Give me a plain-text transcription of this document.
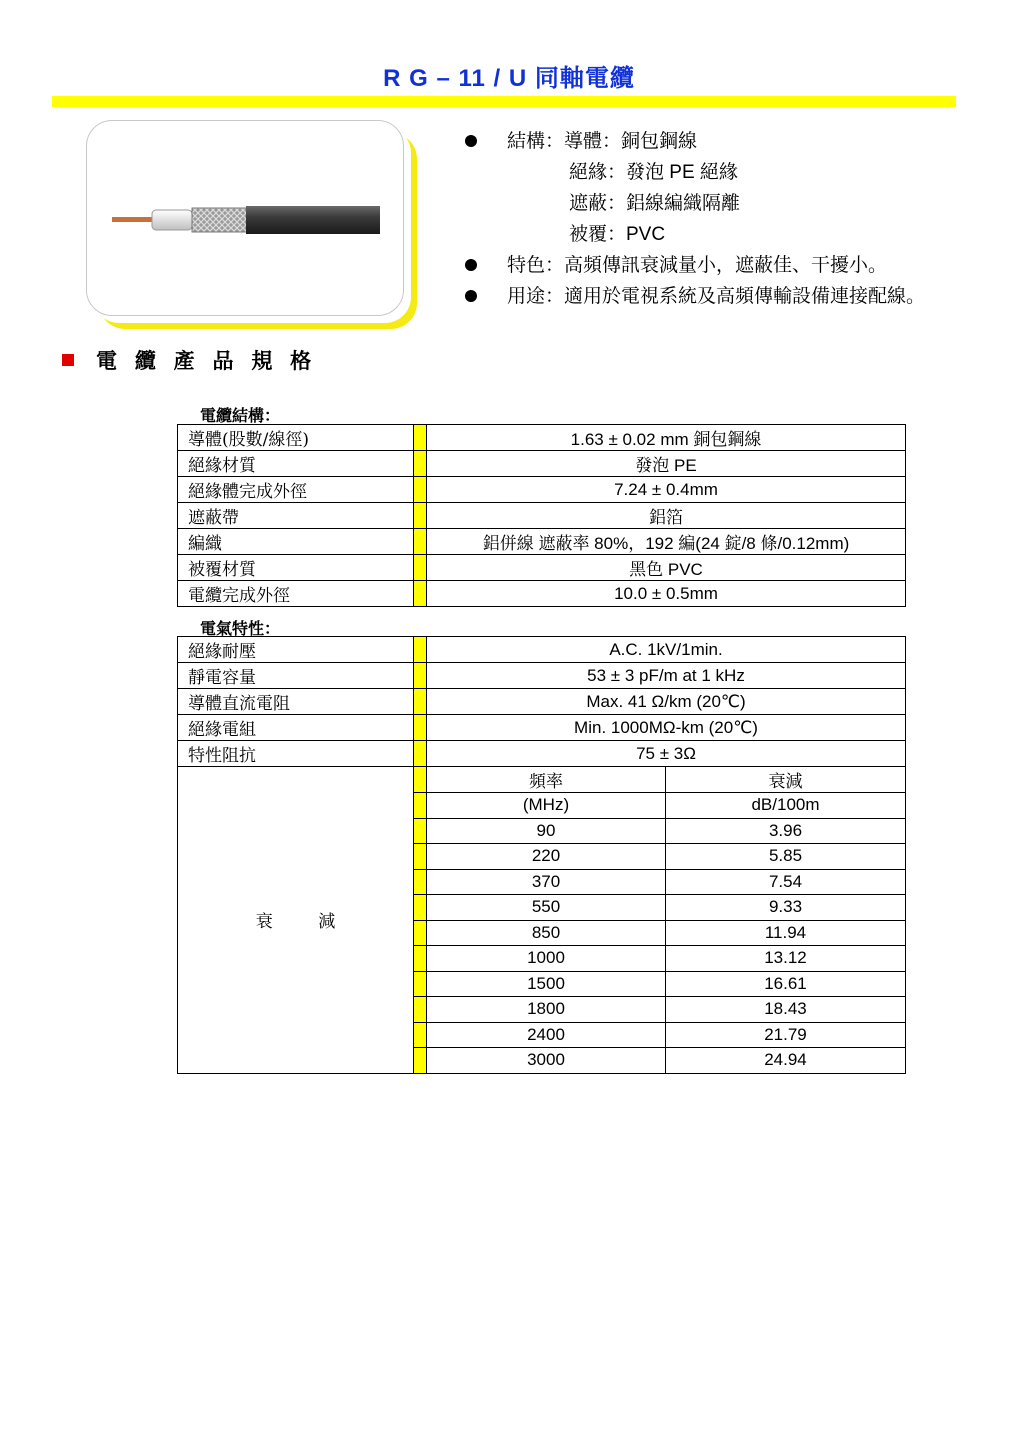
R G – 11 / U 同軸電纜
結構：導體：銅包鋼線
絕緣：發泡 PE 絕緣
遮蔽：鋁線編織隔離
被覆：PVC
特色：高頻傳訊衰減量小，遮蔽佳、干擾小。
用途：適用於電視系統及高頻傳輸設備連接配線。
電 纜 產 品 規 格
電纜結構：
導體(股數/線徑)		1.63 ± 0.02 mm 銅包鋼線
絕緣材質		發泡 PE
絕緣體完成外徑		7.24 ± 0.4mm
遮蔽帶		鋁箔
編織		鋁併線 遮蔽率 80%，192 編(24 錠/8 條/0.12mm)
被覆材質		黑色 PVC
電纜完成外徑		10.0 ± 0.5mm
電氣特性：
絕緣耐壓		A.C. 1kV/1min.	
靜電容量		53 ± 3 pF/m at 1 kHz	
導體直流電阻		Max. 41 Ω/km (20℃)	
絕緣電組		Min. 1000MΩ-km (20℃)	
特性阻抗		75 ± 3Ω	
衰 減		頻率	衰減
		(MHz)	dB/100m
		90	3.96
		220	5.85
		370	7.54
		550	9.33
		850	11.94
		1000	13.12
		1500	16.61
		1800	18.43
		2400	21.79
		3000	24.94
